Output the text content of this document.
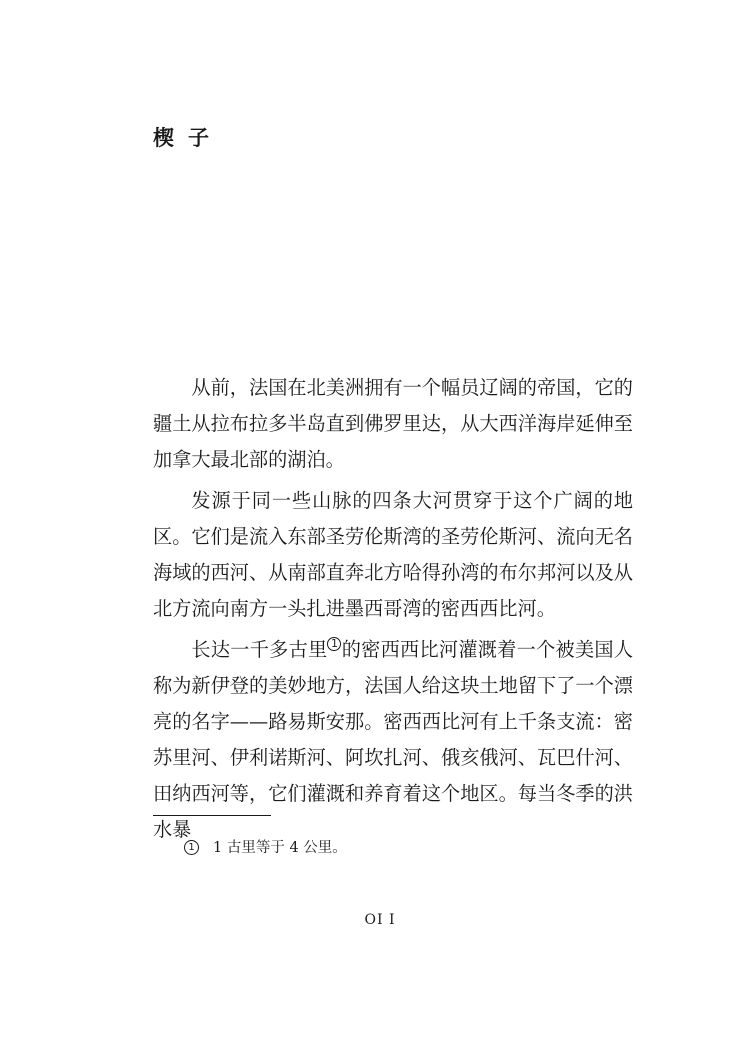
楔子

从前，法国在北美洲拥有一个幅员辽阔的帝国，它的疆土从拉布拉多半岛直到佛罗里达，从大西洋海岸延伸至加拿大最北部的湖泊。

发源于同一些山脉的四条大河贯穿于这个广阔的地区。它们是流入东部圣劳伦斯湾的圣劳伦斯河、流向无名海域的西河、从南部直奔北方哈得孙湾的布尔邦河以及从北方流向南方一头扎进墨西哥湾的密西西比河。

长达一千多古里 1 的密西西比河灌溉着一个被美国人称为新伊登的美妙地方，法国人给这块土地留下了一个漂亮的名字——路易斯安那。密西西比河有上千条支流：密苏里河、伊利诺斯河、阿坎扎河、俄亥俄河、瓦巴什河、田纳西河等，它们灌溉和养育着这个地区。每当冬季的洪水暴

1 1 古里等于 4 公里。
OI I
